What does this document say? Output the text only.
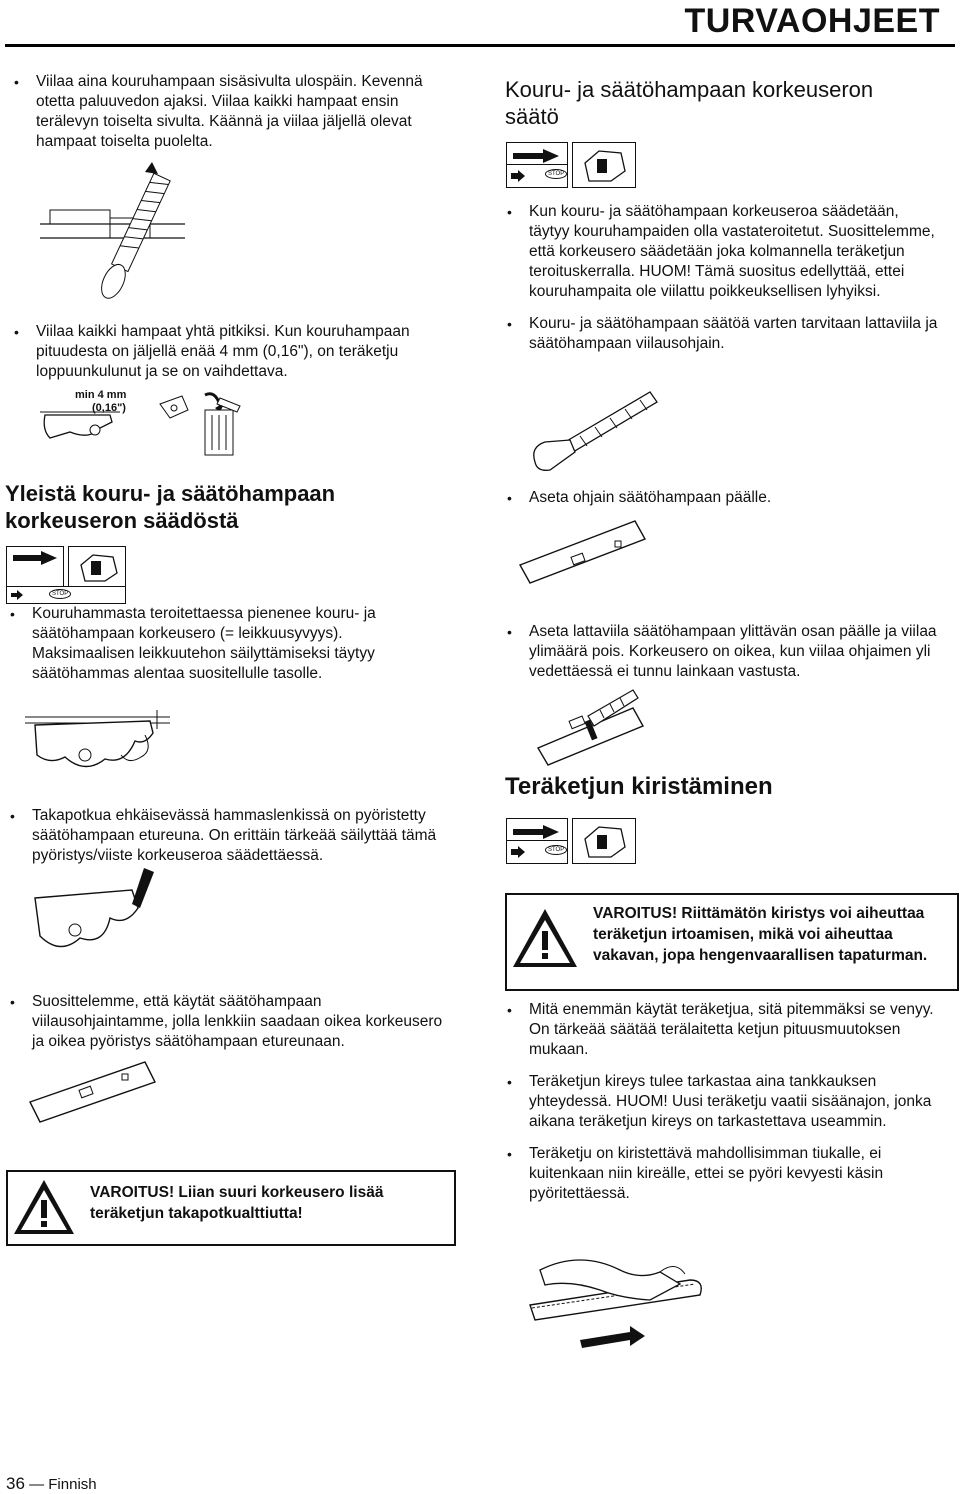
TURVAOHJEET
• Viilaa aina kouruhampaan sisäsivulta ulospäin. Kevennä otetta paluuvedon ajaksi. Viilaa kaikki hampaat ensin terälevyn toiselta sivulta. Käännä ja viilaa jäljellä olevat hampaat toiselta puolelta.
• Viilaa kaikki hampaat yhtä pitkiksi. Kun kouruhampaan pituudesta on jäljellä enää 4 mm (0,16"), on teräketju loppuunkulunut ja se on vaihdettava.
min 4 mm
(0,16")
Yleistä kouru- ja säätöhampaan korkeuseron säädöstä
STOP
• Kouruhammasta teroitettaessa pienenee kouru- ja säätöhampaan korkeusero (= leikkuusyvyys). Maksimaalisen leikkuutehon säilyttämiseksi täytyy säätöhammas alentaa suositellulle tasolle.
• Takapotkua ehkäisevässä hammaslenkissä on pyöristetty säätöhampaan etureuna. On erittäin tärkeää säilyttää tämä pyöristys/viiste korkeuseroa säädettäessä.
• Suosittelemme, että käytät säätöhampaan viilausohjaintamme, jolla lenkkiin saadaan oikea korkeusero ja oikea pyöristys säätöhampaan etureunaan.
VAROITUS! Liian suuri korkeusero lisää teräketjun takapotkualttiutta!
Kouru- ja säätöhampaan korkeuseron säätö
STOP
• Kun kouru- ja säätöhampaan korkeuseroa säädetään, täytyy kouruhampaiden olla vastateroitetut. Suosittelemme, että korkeusero säädetään joka kolmannella teräketjun teroituskerralla. HUOM! Tämä suositus edellyttää, ettei kouruhampaita ole viilattu poikkeuksellisen lyhyiksi.
• Kouru- ja säätöhampaan säätöä varten tarvitaan lattaviila ja säätöhampaan viilausohjain.
• Aseta ohjain säätöhampaan päälle.
• Aseta lattaviila säätöhampaan ylittävän osan päälle ja viilaa ylimäärä pois. Korkeusero on oikea, kun viilaa ohjaimen yli vedettäessä ei tunnu lainkaan vastusta.
Teräketjun kiristäminen
STOP
VAROITUS! Riittämätön kiristys voi aiheuttaa teräketjun irtoamisen, mikä voi aiheuttaa vakavan, jopa hengenvaarallisen tapaturman.
• Mitä enemmän käytät teräketjua, sitä pitemmäksi se venyy. On tärkeää säätää terälaitetta ketjun pituusmuutoksen mukaan.
• Teräketjun kireys tulee tarkastaa aina tankkauksen yhteydessä. HUOM! Uusi teräketju vaatii sisäänajon, jonka aikana teräketjun kireys on tarkastettava useammin.
• Teräketju on kiristettävä mahdollisimman tiukalle, ei kuitenkaan niin kireälle, ettei se pyöri kevyesti käsin pyöritettäessä.
36 — Finnish
